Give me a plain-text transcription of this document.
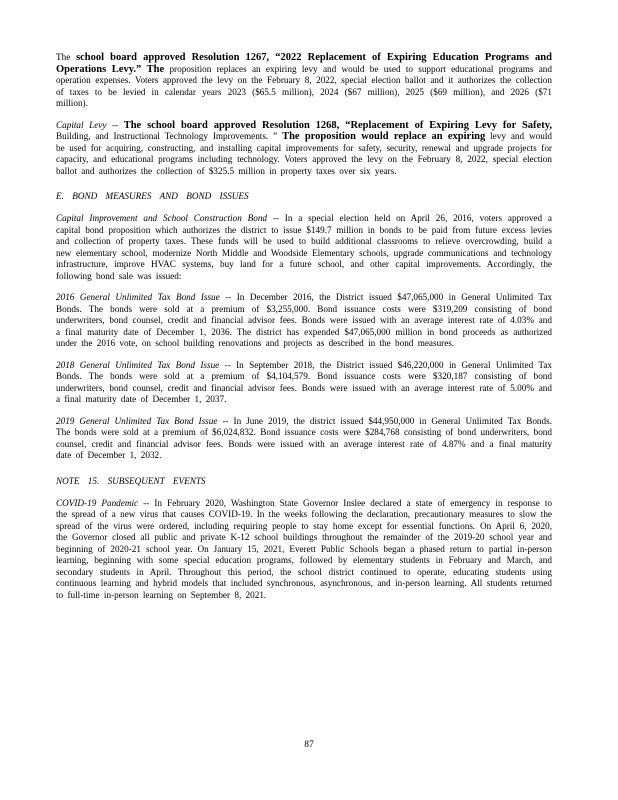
The school board approved Resolution 1267, “2022 Replacement of Expiring Education Programs and Operations Levy.” The proposition replaces an expiring levy and would be used to support educational programs and operation expenses. Voters approved the levy on the February 8, 2022, special election ballot and it authorizes the collection of taxes to be levied in calendar years 2023 ($65.5 million), 2024 ($67 million), 2025 ($69 million), and 2026 ($71 million).

Capital Levy -- The school board approved Resolution 1268, “Replacement of Expiring Levy for Safety, Building, and Instructional Technology Improvements. ” The proposition would replace an expiring levy and would be used for acquiring, constructing, and installing capital improvements for safety, security, renewal and upgrade projects for capacity, and educational programs including technology. Voters approved the levy on the February 8, 2022, special election ballot and authorizes the collection of $325.5 million in property taxes over six years.

E. BOND MEASURES AND BOND ISSUES

Capital Improvement and School Construction Bond -- In a special election held on April 26, 2016, voters approved a capital bond proposition which authorizes the district to issue $149.7 million in bonds to be paid from future excess levies and collection of property taxes. These funds will be used to build additional classrooms to relieve overcrowding, build a new elementary school, modernize North Middle and Woodside Elementary schools, upgrade communications and technology infrastructure, improve HVAC systems, buy land for a future school, and other capital improvements. Accordingly, the following bond sale was issued:

2016 General Unlimited Tax Bond Issue -- In December 2016, the District issued $47,065,000 in General Unlimited Tax Bonds. The bonds were sold at a premium of $3,255,000. Bond issuance costs were $319,209 consisting of bond underwriters, bond counsel, credit and financial advisor fees. Bonds were issued with an average interest rate of 4.03% and a final maturity date of December 1, 2036. The district has expended $47,065,000 million in bond proceeds as authorized under the 2016 vote, on school building renovations and projects as described in the bond measures.

2018 General Unlimited Tax Bond Issue -- In September 2018, the District issued $46,220,000 in General Unlimited Tax Bonds. The bonds were sold at a premium of $4,104,579. Bond issuance costs were $320,187 consisting of bond underwriters, bond counsel, credit and financial advisor fees. Bonds were issued with an average interest rate of 5.00% and a final maturity date of December 1, 2037.

2019 General Unlimited Tax Bond Issue -- In June 2019, the district issued $44,950,000 in General Unlimited Tax Bonds. The bonds were sold at a premium of $6,024,832. Bond issuance costs were $284,768 consisting of bond underwriters, bond counsel, credit and financial advisor fees. Bonds were issued with an average interest rate of 4.87% and a final maturity date of December 1, 2032.

NOTE 15. SUBSEQUENT EVENTS

COVID-19 Pandemic -- In February 2020, Washington State Governor Inslee declared a state of emergency in response to the spread of a new virus that causes COVID-19. In the weeks following the declaration, precautionary measures to slow the spread of the virus were ordered, including requiring people to stay home except for essential functions. On April 6, 2020, the Governor closed all public and private K-12 school buildings throughout the remainder of the 2019-20 school year and beginning of 2020-21 school year. On January 15, 2021, Everett Public Schools began a phased return to partial in-person learning, beginning with some special education programs, followed by elementary students in February and March, and secondary students in April. Throughout this period, the school district continued to operate, educating students using continuous learning and hybrid models that included synchronous, asynchronous, and in-person learning. All students returned to full-time in-person learning on September 8, 2021.

87
